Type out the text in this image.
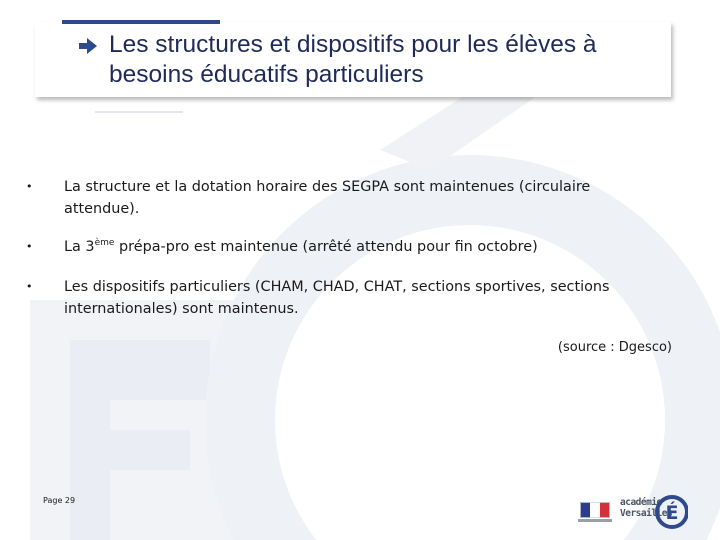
Les structures et dispositifs pour les élèves à besoins éducatifs particuliers
• La structure et la dotation horaire des SEGPA sont maintenues (circulaire attendue).
• La 3ème prépa-pro est maintenue (arrêté attendu pour fin octobre)
• Les dispositifs particuliers (CHAM, CHAD, CHAT, sections sportives, sections internationales) sont maintenus.
(source : Dgesco)
Page 29
É
académie
Versailles
